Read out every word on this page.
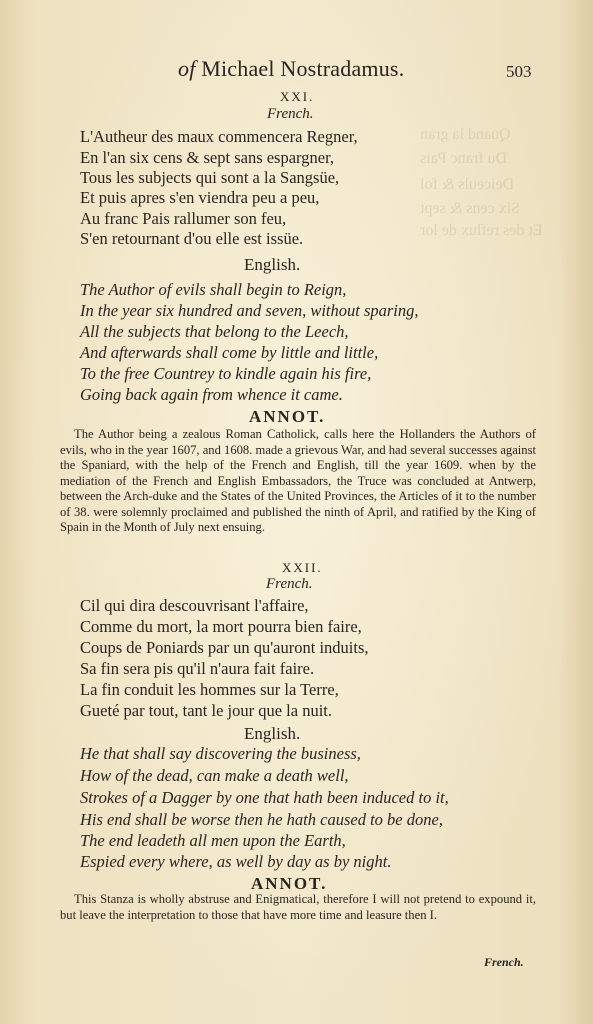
Quand la gran
Du franc Pais
Deiceuls & fol
Six cens & sept
Et des reflux de lor
of Michael Nostradamus.	503
XXI.
French.
L'Autheur des maux commencera Regner,
En l'an six cens & sept sans espargner,
Tous les subjects qui sont a la Sangsüe,
Et puis apres s'en viendra peu a peu,
Au franc Pais rallumer son feu,
S'en retournant d'ou elle est issüe.
English.
The Author of evils shall begin to Reign,
In the year six hundred and seven, without sparing,
All the subjects that belong to the Leech,
And afterwards shall come by little and little,
To the free Countrey to kindle again his fire,
Going back again from whence it came.
ANNOT.
The Author being a zealous Roman Catholick, calls here the Hollanders the Authors of evils, who in the year 1607, and 1608. made a grievous War, and had several successes against the Spaniard, with the help of the French and English, till the year 1609. when by the mediation of the French and English Embassadors, the Truce was concluded at Antwerp, between the Arch-duke and the States of the United Provinces, the Articles of it to the number of 38. were solemnly proclaimed and published the ninth of April, and ratified by the King of Spain in the Month of July next ensuing.
XXII.
French.
Cil qui dira descouvrisant l'affaire,
Comme du mort, la mort pourra bien faire,
Coups de Poniards par un qu'auront induits,
Sa fin sera pis qu'il n'aura fait faire.
La fin conduit les hommes sur la Terre,
Gueté par tout, tant le jour que la nuit.
English.
He that shall say discovering the business,
How of the dead, can make a death well,
Strokes of a Dagger by one that hath been induced to it,
His end shall be worse then he hath caused to be done,
The end leadeth all men upon the Earth,
Espied every where, as well by day as by night.
ANNOT.
This Stanza is wholly abstruse and Enigmatical, therefore I will not pretend to expound it, but leave the interpretation to those that have more time and leasure then I.
French.
